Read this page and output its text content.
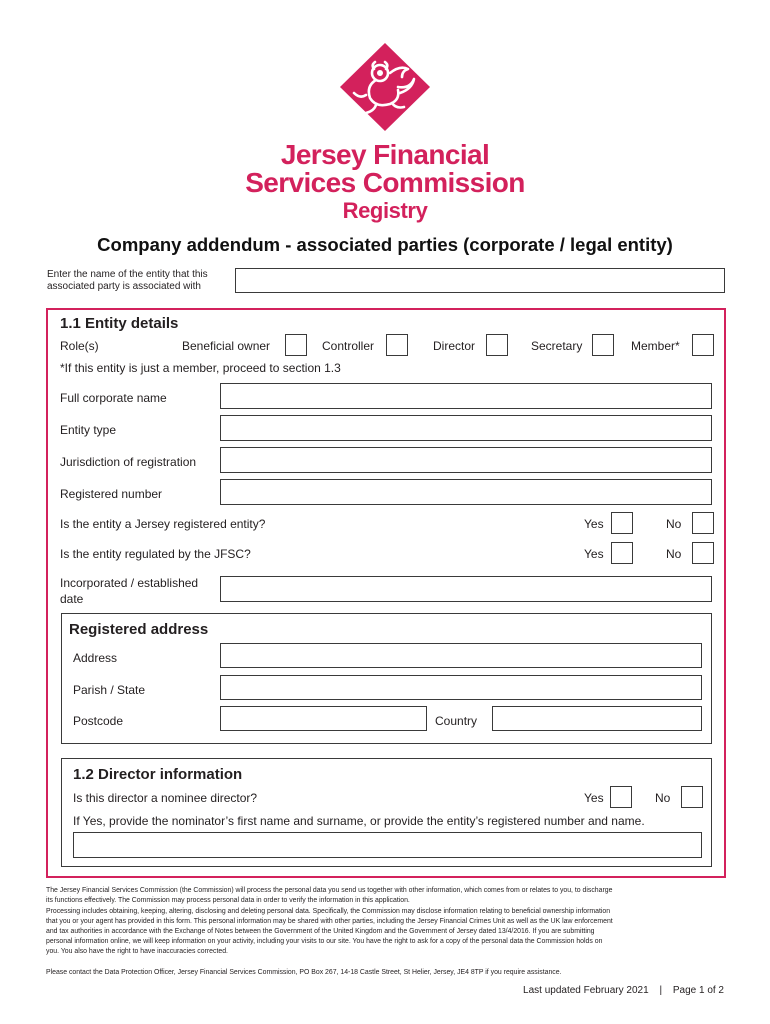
Jersey Financial
Services Commission
Registry
Company addendum - associated parties (corporate / legal entity)
Enter the name of the entity that this
associated party is associated with
1.1 Entity details
Role(s)	Beneficial owner	Controller	Director	Secretary	Member*
*If this entity is just a member, proceed to section 1.3
Full corporate name
Entity type
Jurisdiction of registration
Registered number
Is the entity a Jersey registered entity?	Yes	No
Is the entity regulated by the JFSC?	Yes	No
Incorporated / established
date
Registered address
Address
Parish / State
Postcode	Country
1.2 Director information
Is this director a nominee director?	Yes	No
If Yes, provide the nominator’s first name and surname, or provide the entity’s registered number and name.
The Jersey Financial Services Commission (the Commission) will process the personal data you send us together with other information, which comes from or relates to you, to discharge
its functions effectively. The Commission may process personal data in order to verify the information in this application.
Processing includes obtaining, keeping, altering, disclosing and deleting personal data. Specifically, the Commission may disclose information relating to beneficial ownership information
that you or your agent has provided in this form. This personal information may be shared with other parties, including the Jersey Financial Crimes Unit as well as the UK law enforcement
and tax authorities in accordance with the Exchange of Notes between the Government of the United Kingdom and the Government of Jersey dated 13/4/2016. If you are submitting
personal information online, we will keep information on your activity, including your visits to our site. You have the right to ask for a copy of the personal data the Commission holds on
you. You also have the right to have inaccuracies corrected.
Please contact the Data Protection Officer, Jersey Financial Services Commission, PO Box 267, 14-18 Castle Street, St Helier, Jersey, JE4 8TP if you require assistance.
Last updated February 2021 | Page 1 of 2
